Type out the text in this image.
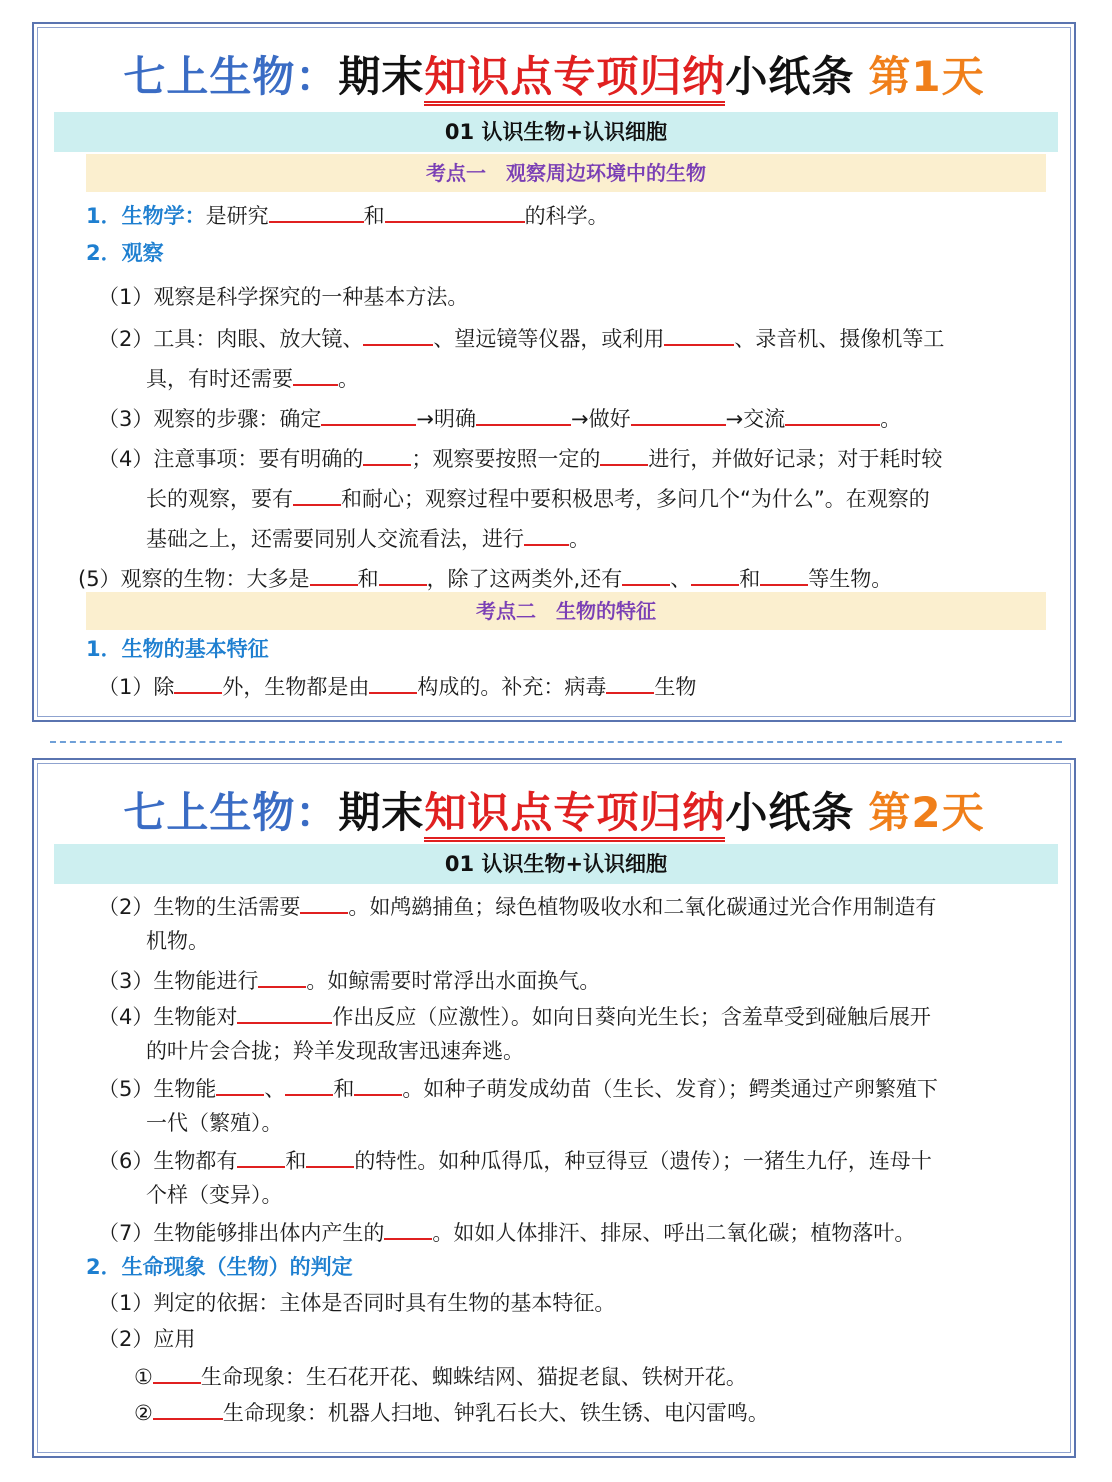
七上生物：期末知识点专项归纳小纸条 第1天
01 认识生物+认识细胞
考点一　观察周边环境中的生物
1．生物学：是研究	和	的科学。
2．观察
（1）观察是科学探究的一种基本方法。
（2）工具：肉眼、放大镜、	、望远镜等仪器，或利用	、录音机、摄像机等工
具，有时还需要 。
（3）观察的步骤：确定	→明确	→做好	→交流	。
（4）注意事项：要有明确的 ；观察要按照一定的 进行，并做好记录；对于耗时较
长的观察，要有 和耐心；观察过程中要积极思考，多问几个“为什么”。在观察的
基础之上，还需要同别人交流看法，进行 。
(5）观察的生物：大多是 和 ，除了这两类外,还有 、 和 等生物。
考点二　生物的特征
1．生物的基本特征
（1）除 外，生物都是由 构成的。补充：病毒 生物
七上生物：期末知识点专项归纳小纸条 第2天
01 认识生物+认识细胞
（2）生物的生活需要 。如鸬鹚捕鱼；绿色植物吸收水和二氧化碳通过光合作用制造有
机物。
（3）生物能进行 。如鲸需要时常浮出水面换气。
（4）生物能对	作出反应（应激性）。如向日葵向光生长；含羞草受到碰触后展开
的叶片会合拢；羚羊发现敌害迅速奔逃。
（5）生物能 、 和 。如种子萌发成幼苗（生长、发育）；鳄类通过产卵繁殖下
一代（繁殖）。
（6）生物都有 和 的特性。如种瓜得瓜，种豆得豆（遗传）；一猪生九仔，连母十
个样（变异）。
（7）生物能够排出体内产生的 。如如人体排汗、排尿、呼出二氧化碳；植物落叶。
2．生命现象（生物）的判定
（1）判定的依据：主体是否同时具有生物的基本特征。
（2）应用
① 生命现象：生石花开花、蜘蛛结网、猫捉老鼠、铁树开花。
②	生命现象：机器人扫地、钟乳石长大、铁生锈、电闪雷鸣。
